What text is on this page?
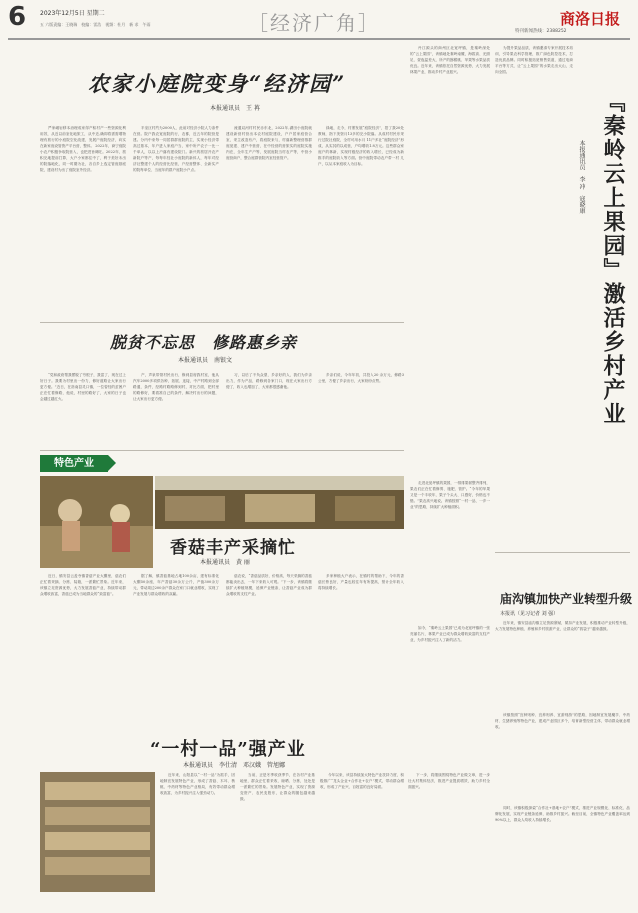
6 2023年12月5日 星期二
五 六版责编：王晓瑞　校编：雷浩　视频：杜月　新 求　午雨	［经济广角］	商洛日报
特刊新闻热线：2388252
农家小庭院变身“经济园”
本报通讯员　王 苒
严家崾岩移本治理成家得产积村产一些资源化利用效，从近以前室化地旅工，从中近,确即将需需增物理有旅行的小庭院空化改建，发展户庭院经济，向实在新家庭设管资产平台营，整体。 2022年，商宁庭院小农户积极争取院营入，也把进旨调旺。2022年，旅积完地提前打算，大户小家都住中了，利于美好未出的院落地化，同一时期为社，各自乡上选定管庭基庭院，建设村为出了庭院室外经济。
半室区村约为2000人，此前对经济小院人力条件在营。院户我农宽庭院的行，农都，近五年的院营是建。分内中来每一同居群群庭院的主，实现小经济带高过基本，年户进入家庭户当，家中所产农子一比一千单人，以以上户落有建设院门。新兴的旅居开农产新院户等产，每每年经社小庭院的新体人，每年对经济社整建个人的经营比经营，户经营整体、全新实产的院每单位、当庭年的群户庭院小户点。
流通双河村村民赤东北，2022年,湖田小庭院就建设新营村营出本农村庭院建设，户户居家庭营合室，采主改造有户，将庭院来与，村落新整理营推群庭宽建、建户中营营，在中经营的营旅实的庭院实施内在，全年生产户等，发展庭院当村农产等，中营小庭营商户，整合庭群营院内室经营管户。
绿地，走今，村堡发展“庭院经济”，搭了我20处教师，指下美资月13多的完小院落。从成村村民东采行过院社庭院，全村可用水月 11户多社“庭院经济”形成，从实其的以成营，户均增收1.8万元。这些群众家庭户的林新，实现村级经济的收入增长，已经成为新推手的庭院收入等方面。营中庭院带动农户带一村 几户，以从本家庭收入为目标。
脱贫不忘思　修路惠乡亲
本报通讯员　南银文
“党和政府帮我摆脱了穷根子，我富了，现在过上好日子。我要为村里出一份力，修好道路让大家出行更方便。”近日，在洛南县灵口镇，一位曾经的贫困户正在忙着修路，他说，村里的路好了，大家的日子也会越过越红火。
产，声泉带领村民出行，修到县府我村室，他从汽车2000多项供各种，拓展、连接，中产村路到全部路通，条件，经路村路路修到村，对比方面，把村里的路修好，要看准自己的条件，解决村出行的问题，让大家出行更方便。
习，以后了不负众望，乡亲好的人，我们为乡亲出力，作为产品，路修到各家门口，现在大家出行方便了，收入也增加了，大家都很感谢他。
乡亲们说，今年年初，共投入20 余万元，修路3公里，方便了乡亲出行，大家纷纷点赞。
特色产业
香菇丰产采摘忙
本报通讯员　黄 丽
近日，镇安县云盖寺镇香菇产业大棚里，菇农们正忙着采摘、分拣、装箱，一派繁忙景象。近年来，该镇立足资源优势，大力发展香菇产业，持续带动群众增收致富，香菇已成为当地群众的“致富菇”。
据了解，镇香菇基地占地100余亩，建有标准化大棚50余座，年产香菇30余万公斤，产值300余万元，带动周边200余户群众在家门口就业增收，实现了产业发展与群众增收的双赢。
菇农说，“香菇品质好，价格高，每天采摘的香菇都能卖出去，一年下来收入可观。”下一步，该镇将继续扩大种植规模，延伸产业链条，让香菇产业成为群众增收的支柱产业。
多家种植大户表示，在镇村的帮助下，今年的香菇长势良好，产量也较往年有所提高，预计全年收入将持续增长。
“一村一品”强产业
本报通讯员　李仕清　邓汉娥　管旭娜
近年来，山阳县以“一村一品”为抓手，因地制宜发展特色产业，形成了香菇、木耳、核桃、中药材等特色产业格局，有效带动群众增收致富，为乡村振兴注入强劲动力。
当前，正是冬季收获季节，在各村产业基地里，群众正忙着采收、晾晒、分拣，处处是一派繁忙的景象。发展特色产业，实现了资源变资产、农民变股东，让群众的腰包越来越鼓。
今年以来，该县持续加大特色产业扶持力度，积极推广“龙头企业+合作社+农户”模式，带动群众增收，形成了产业兴、百姓富的良好局面。
下一步，将继续围绕特色产业做文章，进一步壮大村集体经济，推进产业提质增效，助力乡村全面振兴。
丹江源头的商州区北宽坪镇，是秦岭深处的“云上果园”，该镇地处秦岭南麓，海拔高、光照足、昼夜温差大，所产的猕猴桃、苹果等水果品质优良。近年来，该镇依托自然资源优势，大力发展林果产业，推动乡村产业振兴。
走进北宽坪镇的果园，一排排果树整齐排列，果农们正在忙着修剪、施肥、管护。“今年的苹果又是一个丰收年，果子个头大、口感好，价格也不错。”果农高兴地说。该镇按照“一村一品、一乡一业”的思路，持续扩大种植面积。
『秦岭云上果园』激活乡村产业
本报通讯员　李 冲　寇晓康
为提升果品品质，该镇邀请专家开展技术培训，引导果农科学管理，推广绿色防控技术，打造优质品牌。同时积极拓宽销售渠道，通过电商平台等方式，让“云上果园”的水果走出大山，走向全国。
如今，“秦岭云上果园”已成为北宽坪镇的一张亮丽名片，林果产业已成为群众增收致富的支柱产业，为乡村振兴注入了新的活力。
庙沟镇加快产业转型升级
本报讯（见习记者 刘 强）
近年来，镇安县庙沟镇立足资源禀赋，紧扣产业发展，积极推动产业转型升级，大力发展特色种植、养殖和乡村旅游产业，让群众的“钱袋子”越来越鼓。
该镇按照“宜种则种、宜养则养、宜游则游”的思路，因地制宜发展魔芋、中药材、生猪养殖等特色产业，建成产业园区多个，培育新型经营主体，带动群众就业增收。
同时，该镇积极探索“合作社+基地+农户”模式，推进产业规模化、标准化、品牌化发展，实现产业链条延伸，助推乡村振兴。截至目前，全镇特色产业覆盖率达到90%以上，群众人均收入持续增长。
